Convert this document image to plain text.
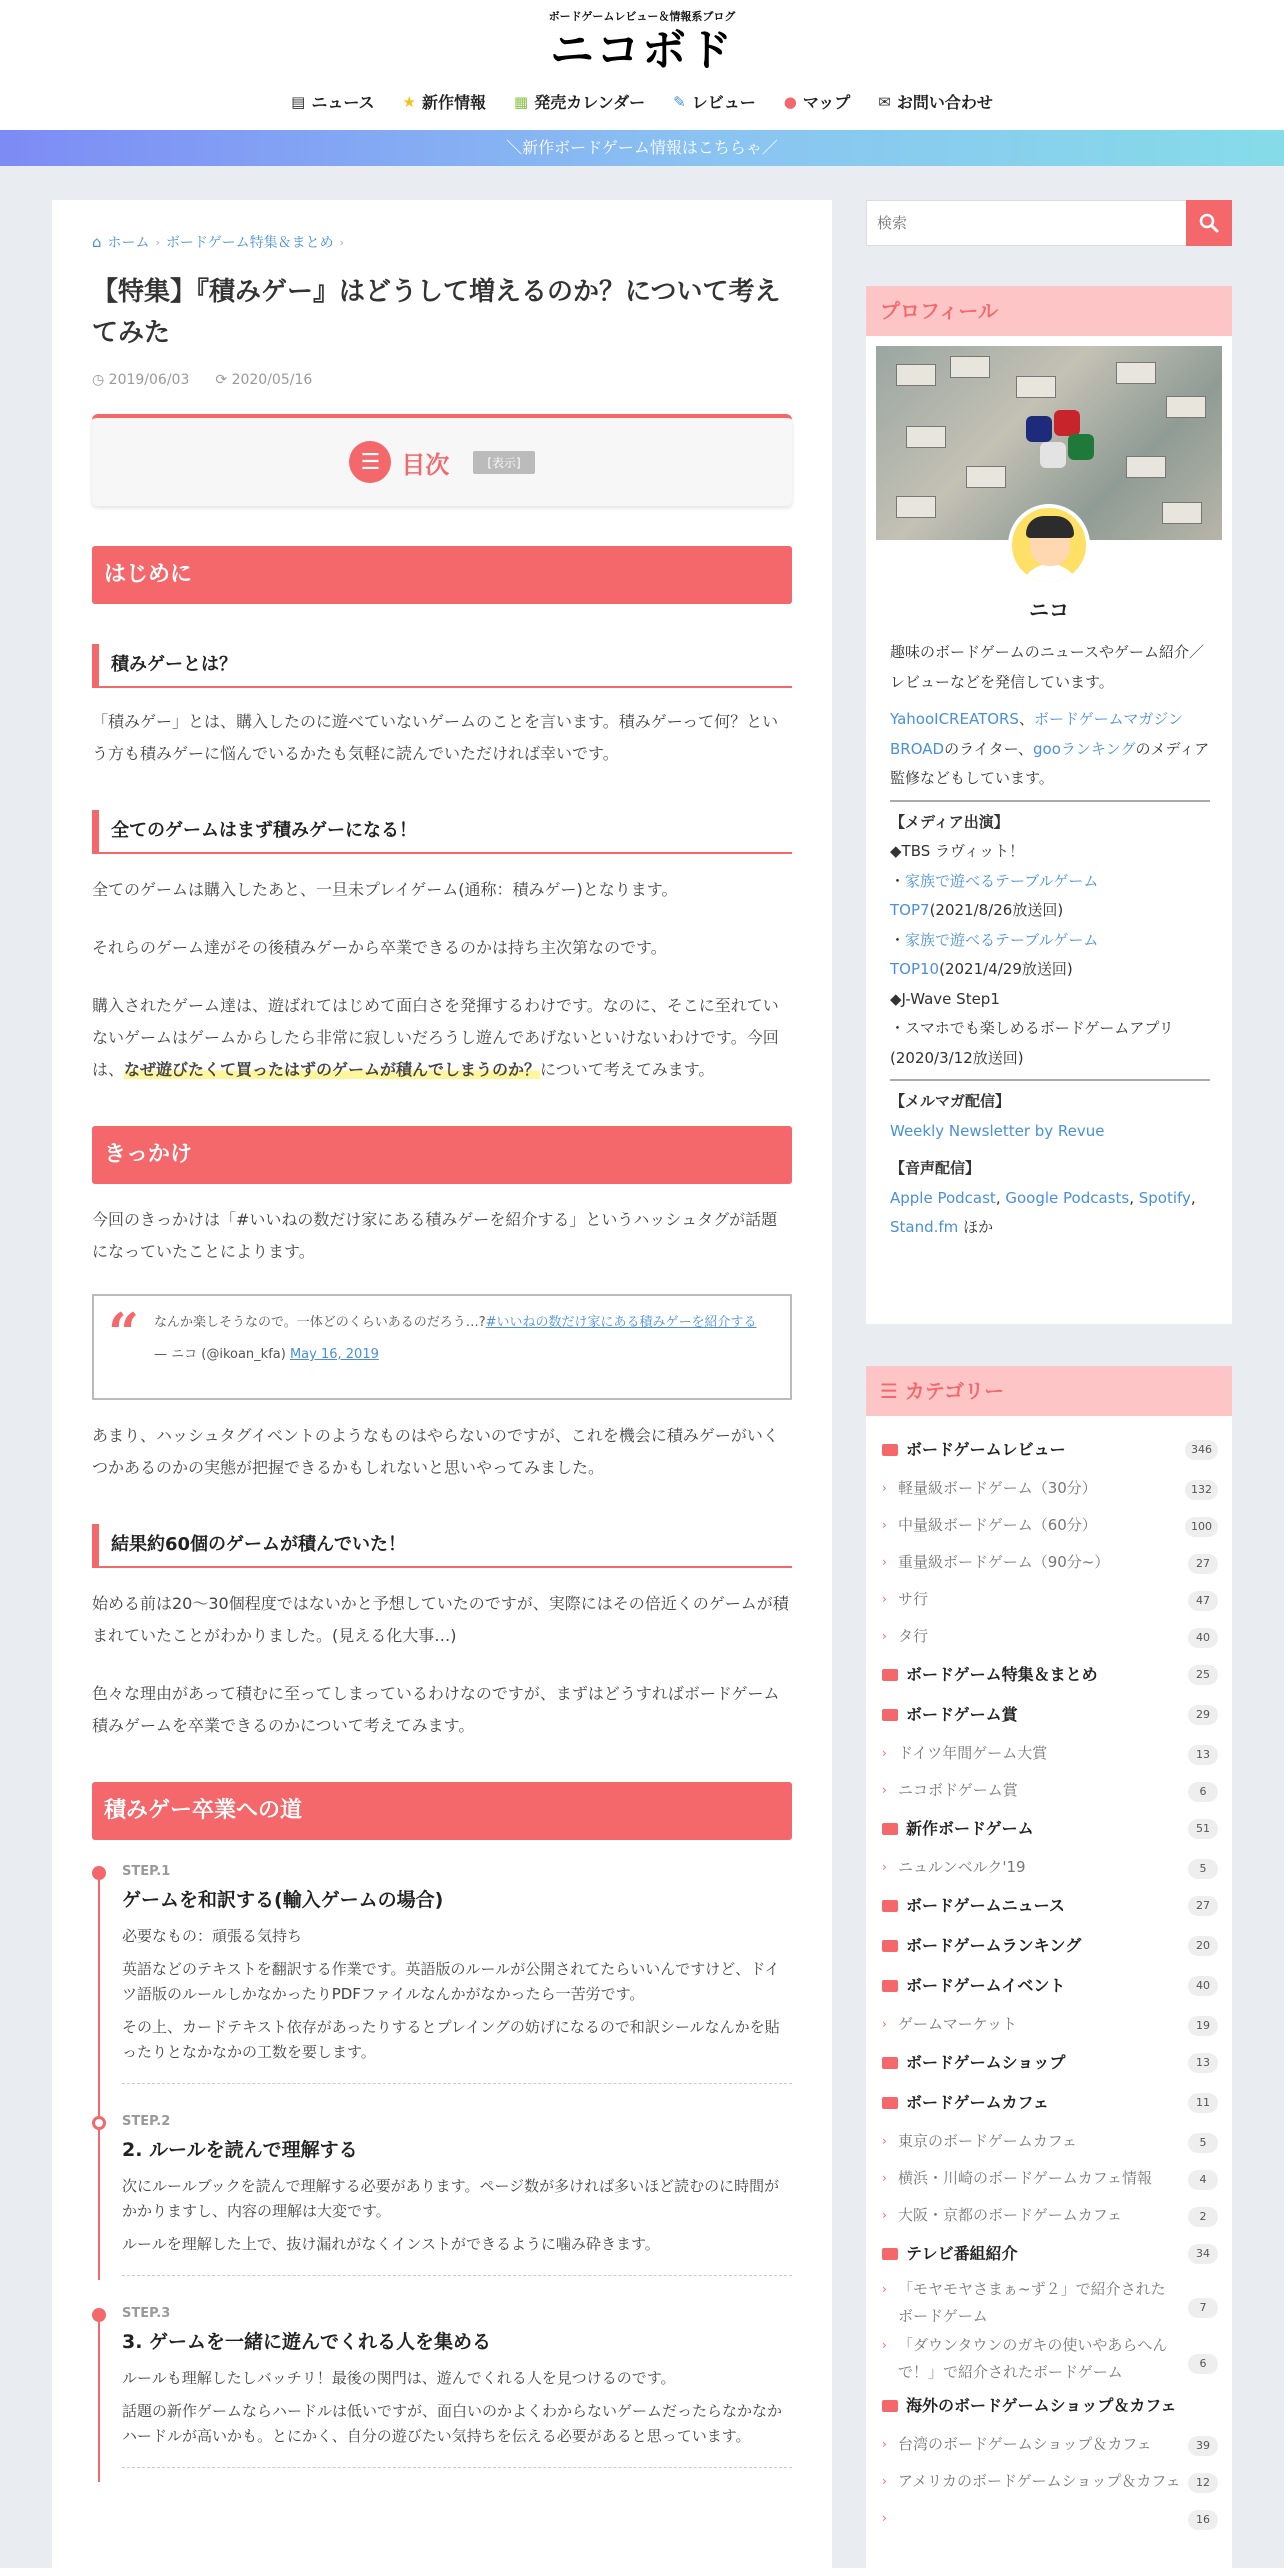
ボードゲームレビュー＆情報系ブログ
ニコボド
▤ ニュース ★ 新作情報 ▦ 発売カレンダー ✎ レビュー ● マップ ✉ お問い合わせ
＼新作ボードゲーム情報はこちらゃ／
⌂ ホーム › ボードゲーム特集＆まとめ ›
【特集】『積みゲー』はどうして増えるのか？について考えてみた
◷ 2019/06/03 ⟳ 2020/05/16
☰ 目次	[表示]
はじめに
積みゲーとは？

「積みゲー」とは、購入したのに遊べていないゲームのことを言います。積みゲーって何？という方も積みゲーに悩んでいるかたも気軽に読んでいただければ幸いです。

全てのゲームはまず積みゲーになる！

全てのゲームは購入したあと、一旦未プレイゲーム(通称：積みゲー)となります。

それらのゲーム達がその後積みゲーから卒業できるのかは持ち主次第なのです。

購入されたゲーム達は、遊ばれてはじめて面白さを発揮するわけです。なのに、そこに至れていないゲームはゲームからしたら非常に寂しいだろうし遊んであげないといけないわけです。今回は、なぜ遊びたくて買ったはずのゲームが積んでしまうのか？について考えてみます。

きっかけ

今回のきっかけは「#いいねの数だけ家にある積みゲーを紹介する」というハッシュタグが話題になっていたことによります。

“ なんか楽しそうなので。一体どのくらいあるのだろう…?#いいねの数だけ家にある積みゲーを紹介する
— ニコ (@ikoan_kfa) May 16, 2019

あまり、ハッシュタグイベントのようなものはやらないのですが、これを機会に積みゲーがいくつかあるのかの実態が把握できるかもしれないと思いやってみました。

結果約60個のゲームが積んでいた！

始める前は20〜30個程度ではないかと予想していたのですが、実際にはその倍近くのゲームが積まれていたことがわかりました。(見える化大事…)

色々な理由があって積むに至ってしまっているわけなのですが、まずはどうすればボードゲーム積みゲームを卒業できるのかについて考えてみます。

積みゲー卒業への道
STEP.1
ゲームを和訳する(輸入ゲームの場合)

必要なもの：頑張る気持ち

英語などのテキストを翻訳する作業です。英語版のルールが公開されてたらいいんですけど、ドイツ語版のルールしかなかったりPDFファイルなんかがなかったら一苦労です。

その上、カードテキスト依存があったりするとプレイングの妨げになるので和訳シールなんかを貼ったりとなかなかの工数を要します。

STEP.2
2. ルールを読んで理解する

次にルールブックを読んで理解する必要があります。ページ数が多ければ多いほど読むのに時間がかかりますし、内容の理解は大変です。

ルールを理解した上で、抜け漏れがなくインストができるように噛み砕きます。

STEP.3
3. ゲームを一緒に遊んでくれる人を集める

ルールも理解したしバッチリ！最後の関門は、遊んでくれる人を見つけるのです。

話題の新作ゲームならハードルは低いですが、面白いのかよくわからないゲームだったらなかなかハードルが高いかも。とにかく、自分の遊びたい気持ちを伝える必要があると思っています。

検索
プロフィール
ニコ
趣味のボードゲームのニュースやゲーム紹介／レビューなどを発信しています。
YahooICREATORS、ボードゲームマガジン BROADのライター、gooランキングのメディア監修などもしています。
【メディア出演】
◆TBS ラヴィット！
・家族で遊べるテーブルゲーム TOP7(2021/8/26放送回)
・家族で遊べるテーブルゲーム TOP10(2021/4/29放送回)
◆J-Wave Step1
・スマホでも楽しめるボードゲームアプリ (2020/3/12放送回)
【メルマガ配信】
Weekly Newsletter by Revue
【音声配信】
Apple Podcast, Google Podcasts, Spotify, Stand.fm ほか
☰ カテゴリー
ボードゲームレビュー	346
› 軽量級ボードゲーム（30分）	132
› 中量級ボードゲーム（60分）	100
› 重量級ボードゲーム（90分~）	27
› サ行	47
› タ行	40
ボードゲーム特集＆まとめ	25
ボードゲーム賞	29
› ドイツ年間ゲーム大賞	13
› ニコボドゲーム賞	6
新作ボードゲーム	51
› ニュルンベルク'19	5
ボードゲームニュース	27
ボードゲームランキング	20
ボードゲームイベント	40
› ゲームマーケット	19
ボードゲームショップ	13
ボードゲームカフェ	11
› 東京のボードゲームカフェ	5
› 横浜・川崎のボードゲームカフェ情報	4
› 大阪・京都のボードゲームカフェ	2
テレビ番組紹介	34
› 「モヤモヤさまぁ~ず２」で紹介されたボードゲーム	7
› 「ダウンタウンのガキの使いやあらへんで！」で紹介されたボードゲーム	6
海外のボードゲームショップ＆カフェ
› 台湾のボードゲームショップ＆カフェ	39
› アメリカのボードゲームショップ＆カフェ	12
›	16
